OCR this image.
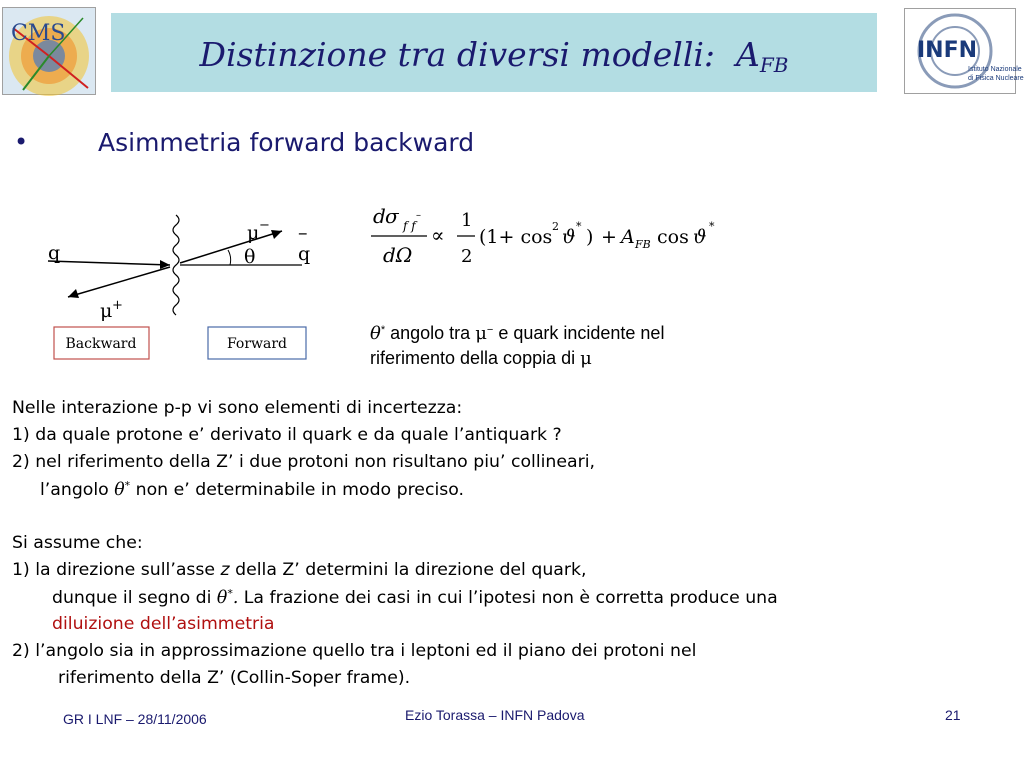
CMS
Distinzione tra diversi modelli: AFB
INFN
Istituto Nazionale
di Fisica Nucleare
•	Asimmetria forward backward
q	q
–
μ −
θ
μ +
Backward	Forward
d σ f f
–
dΩ
∝
1
2
(1+ cos 2 ϑ * ) + A FB cos ϑ *
θ* angolo tra μ− e quark incidente nel
riferimento della coppia di μ
Nelle interazione p-p vi sono elementi di incertezza:
1) da quale protone e’ derivato il quark e da quale l’antiquark ?
2) nel riferimento della Z’ i due protoni non risultano piu’ collineari,
l’angolo θ* non e’ determinabile in modo preciso.
Si assume che:
1) la direzione sull’asse z della Z’ determini la direzione del quark,
dunque il segno di θ*. La frazione dei casi in cui l’ipotesi non è corretta produce una
diluizione dell’asimmetria
2) l’angolo sia in approssimazione quello tra i leptoni ed il piano dei protoni nel
riferimento della Z’ (Collin-Soper frame).
GR I LNF – 28/11/2006	Ezio Torassa – INFN Padova	21
